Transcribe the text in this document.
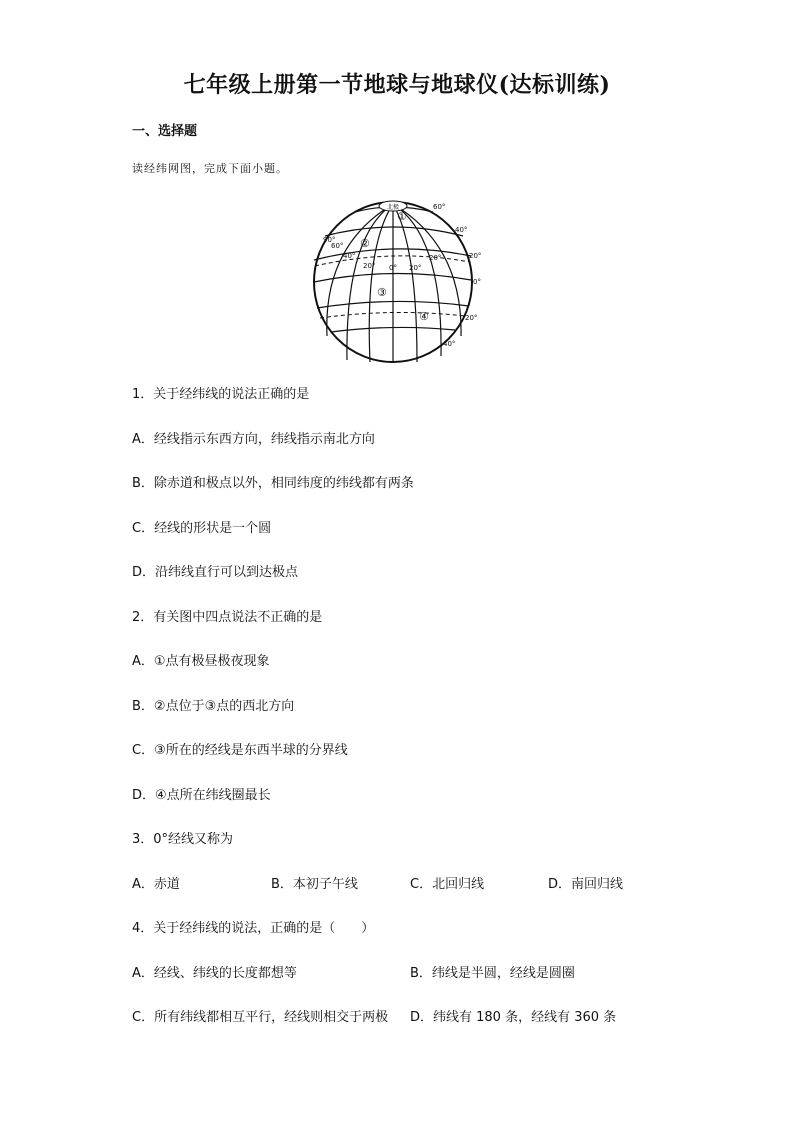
七年级上册第一节地球与地球仪(达标训练)
一、选择题
读经纬网图，完成下面小题。
北极
①
②
③
④
60°
40°
20°
0°
20°
40°
20°
90°
60°
40°
20° 0° 20°
1．关于经纬线的说法正确的是
A．经线指示东西方向，纬线指示南北方向
B．除赤道和极点以外，相同纬度的纬线都有两条
C．经线的形状是一个圆
D．沿纬线直行可以到达极点
2．有关图中四点说法不正确的是
A．①点有极昼极夜现象
B．②点位于③点的西北方向
C．③所在的经线是东西半球的分界线
D．④点所在纬线圈最长
3．0°经线又称为
A．赤道	B．本初子午线	C．北回归线	D．南回归线
4．关于经纬线的说法，正确的是（　　）
A．经线、纬线的长度都想等	B．纬线是半圆，经线是圆圈
C．所有纬线都相互平行，经线则相交于两极 D．纬线有 180 条，经线有 360 条
